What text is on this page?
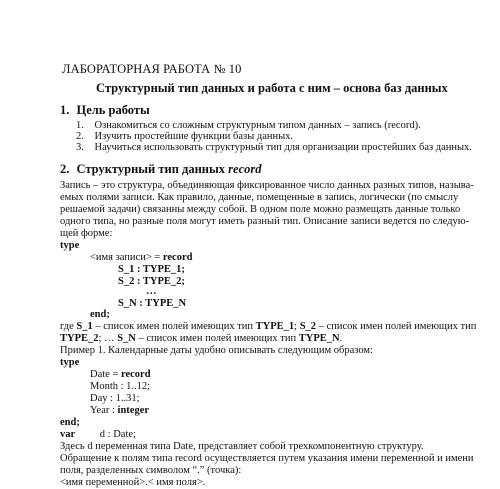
ЛАБОРАТОРНАЯ РАБОТА № 10
Структурный тип данных и работа с ним – основа баз данных
1. Цель работы
1. Ознакомиться со сложным структурным типом данных – запись (record).
2. Изучить простейшие функции базы данных.
3. Научиться использовать структурный тип для организации простейших баз данных.
2. Структурный тип данных record
Запись – это структура, объединяющая фиксированное число данных разных типов, называ-
емых полями записи. Как правило, данные, помещенные в запись, логически (по смыслу
решаемой задачи) связанны между собой. В одном поле можно размещать данные только
одного типа, но разные поля могут иметь разный тип. Описание записи ведется по следую-
щей форме:
type
<имя записи> = record
S_1 : TYPE_1;
S_2 : TYPE_2;
…
S_N : TYPE_N
end;
где S_1 – список имен полей имеющих тип TYPE_1; S_2 – список имен полей имеющих тип
TYPE_2; … S_N – список имен полей имеющих тип TYPE_N.
Пример 1. Календарные даты удобно описывать следующим образом:
type
Date = record
Month : 1..12;
Day : 1..31;
Year : integer
end;
var d : Date;
Здесь d переменная типа Date, представляет собой трехкомпонентную структуру.
Обращение к полям типа record осуществляется путем указания имени переменной и имени
поля, разделенных символом “.” (точка):
<имя переменной>.< имя поля>.
